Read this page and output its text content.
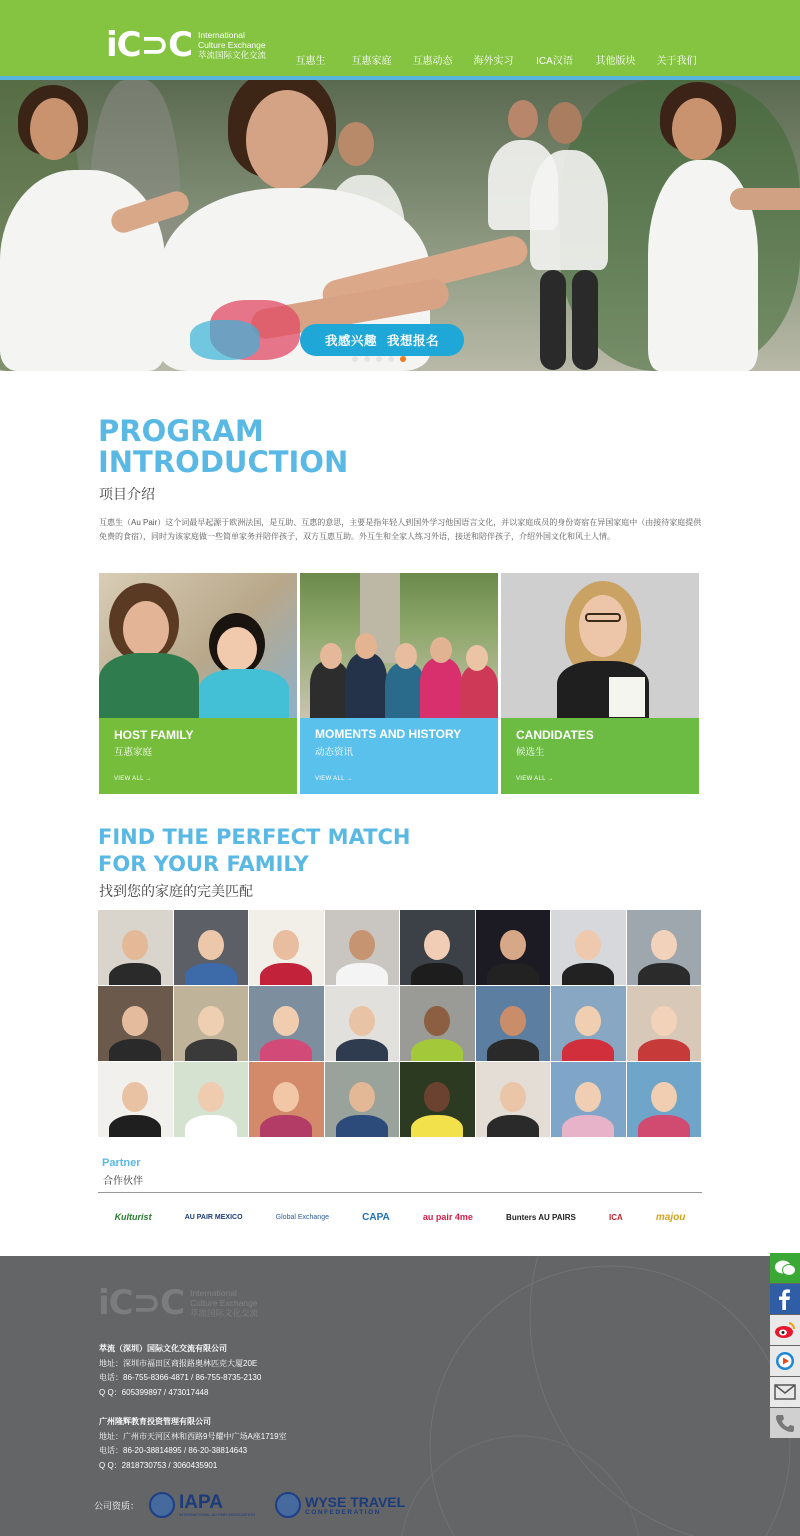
iC⊃C International
Culture Exchange
萃流国际文化交流
互惠生	互惠家庭	互惠动态	海外实习	ICA汉语	其他版块	关于我们
我感兴趣 我想报名
PROGRAM
INTRODUCTION
项目介绍
互惠生（Au Pair）这个词最早起源于欧洲法国，是互助、互惠的意思，主要是指年轻人到国外学习他国语言文化，并以家庭成员的身份寄宿在异国家庭中（由接待家庭提供免费的食宿），同时为该家庭做一些简单家务并陪伴孩子，双方互惠互助。外互生和全家人练习外语，接送和陪伴孩子，介绍外国文化和风土人情。
HOST FAMILY
互惠家庭
VIEW ALL →
MOMENTS AND HISTORY
动态资讯
VIEW ALL →
CANDIDATES
候选生
VIEW ALL →
FIND THE PERFECT MATCH
FOR YOUR FAMILY
找到您的家庭的完美匹配
Partner
合作伙伴
Kulturist	AU PAIR MEXICO	Global Exchange	CAPA	au pair 4me	Bunters AU PAIRS	ICA	majou
iC⊃C International
Culture Exchange
萃流国际文化交流
萃流（深圳）国际文化交流有限公司
地址：深圳市福田区商报路奥林匹克大厦20E
电话：86-755-8366-4871 / 86-755-8735-2130
Q Q：605399897 / 473017448
广州隆辉教育投资管理有限公司
地址：广州市天河区林和西路9号耀中广场A座1719室
电话：86-20-38814895 / 86-20-38814643
Q Q：2818730753 / 3060435901
公司资质： IAPA
INTERNATIONAL AU PAIR ASSOCIATION
WYSE TRAVEL
CONFEDERATION
